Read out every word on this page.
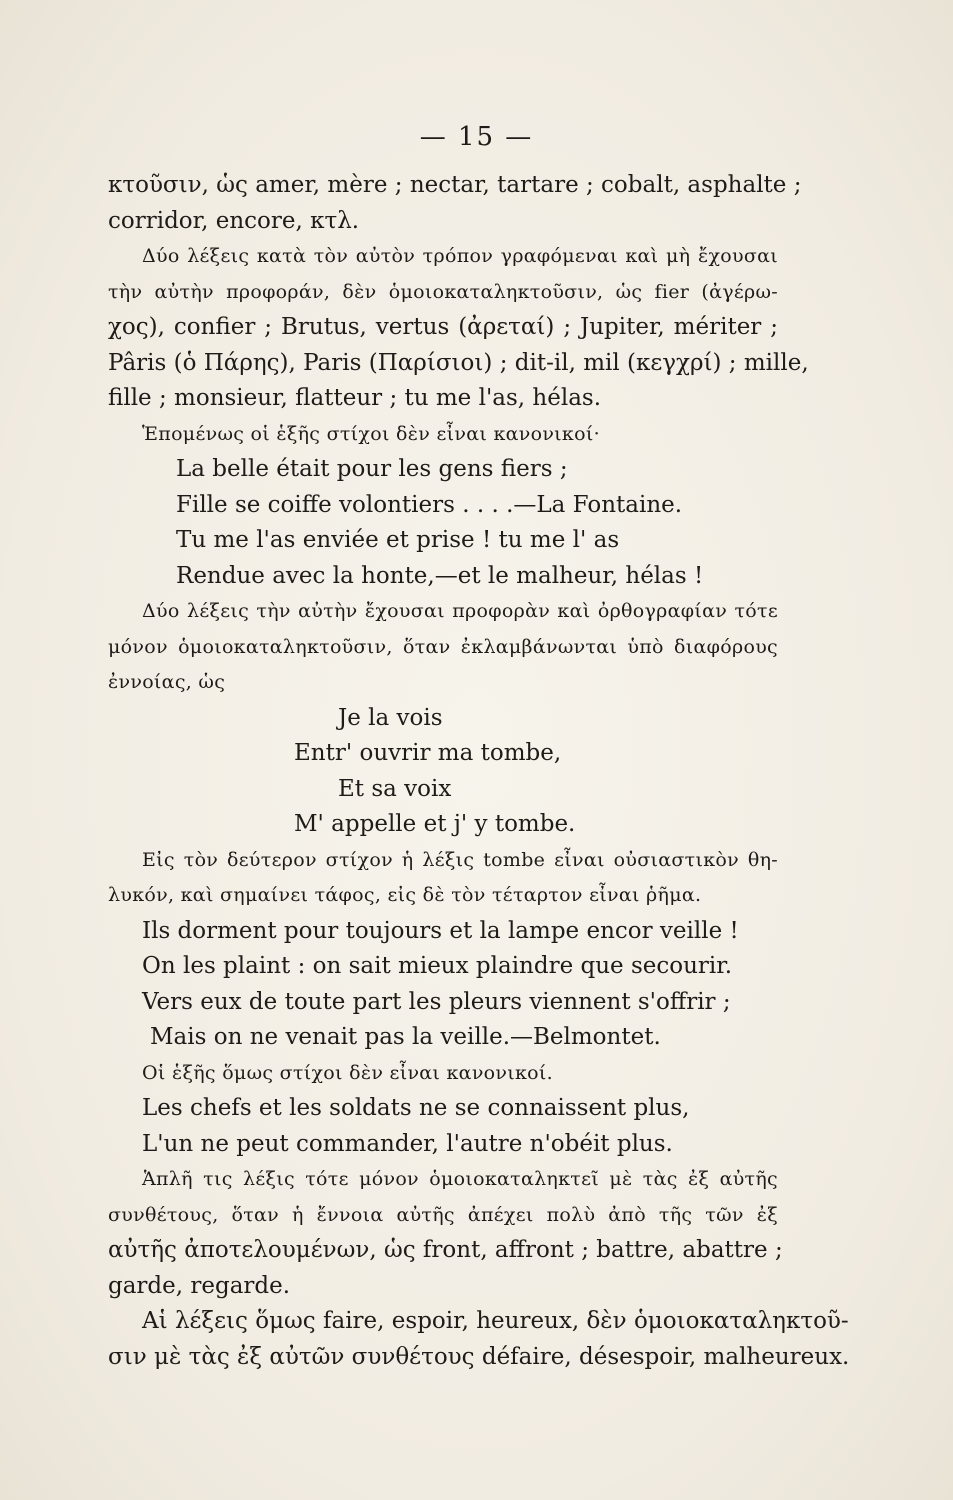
— 15 —
κτοῦσιν, ὡς amer, mère ; nectar, tartare ; cobalt, asphalte ;
corridor, encore, κτλ.
Δύο λέξεις κατὰ τὸν αὐτὸν τρόπον γραφόμεναι καὶ μὴ ἔχουσαι
τὴν αὐτὴν προφοράν, δὲν ὁμοιοκαταληκτοῦσιν, ὡς fier (ἀγέρω-
χος), confier ; Brutus, vertus (ἀρεταί) ; Jupiter, mériter ;
Pâris (ὁ Πάρης), Paris (Παρίσιοι) ; dit-il, mil (κεγχρί) ; mille,
fille ; monsieur, flatteur ; tu me l'as, hélas.
Ἑπομένως οἱ ἑξῆς στίχοι δὲν εἶναι κανονικοί·
La belle était pour les gens fiers ;
Fille se coiffe volontiers . . . .—La Fontaine.
Tu me l'as enviée et prise ! tu me l' as
Rendue avec la honte,—et le malheur, hélas !
Δύο λέξεις τὴν αὐτὴν ἔχουσαι προφορὰν καὶ ὀρθογραφίαν τότε
μόνον ὁμοιοκαταληκτοῦσιν, ὅταν ἐκλαμβάνωνται ὑπὸ διαφόρους
ἐννοίας, ὡς
Je la vois
Entr' ouvrir ma tombe,
Et sa voix
M' appelle et j' y tombe.
Εἰς τὸν δεύτερον στίχον ἡ λέξις tombe εἶναι οὐσιαστικὸν θη-
λυκόν, καὶ σημαίνει τάφος, εἰς δὲ τὸν τέταρτον εἶναι ῥῆμα.
Ils dorment pour toujours et la lampe encor veille !
On les plaint : on sait mieux plaindre que secourir.
Vers eux de toute part les pleurs viennent s'offrir ;
Mais on ne venait pas la veille.—Belmontet.
Οἱ ἑξῆς ὅμως στίχοι δὲν εἶναι κανονικοί.
Les chefs et les soldats ne se connaissent plus,
L'un ne peut commander, l'autre n'obéit plus.
Ἁπλῆ τις λέξις τότε μόνον ὁμοιοκαταληκτεῖ μὲ τὰς ἐξ αὐτῆς
συνθέτους, ὅταν ἡ ἔννοια αὐτῆς ἀπέχει πολὺ ἀπὸ τῆς τῶν ἐξ
αὐτῆς ἀποτελουμένων, ὡς front, affront ; battre, abattre ;
garde, regarde.
Αἱ λέξεις ὅμως faire, espoir, heureux, δὲν ὁμοιοκαταληκτοῦ-
σιν μὲ τὰς ἐξ αὐτῶν συνθέτους défaire, désespoir, malheureux.
